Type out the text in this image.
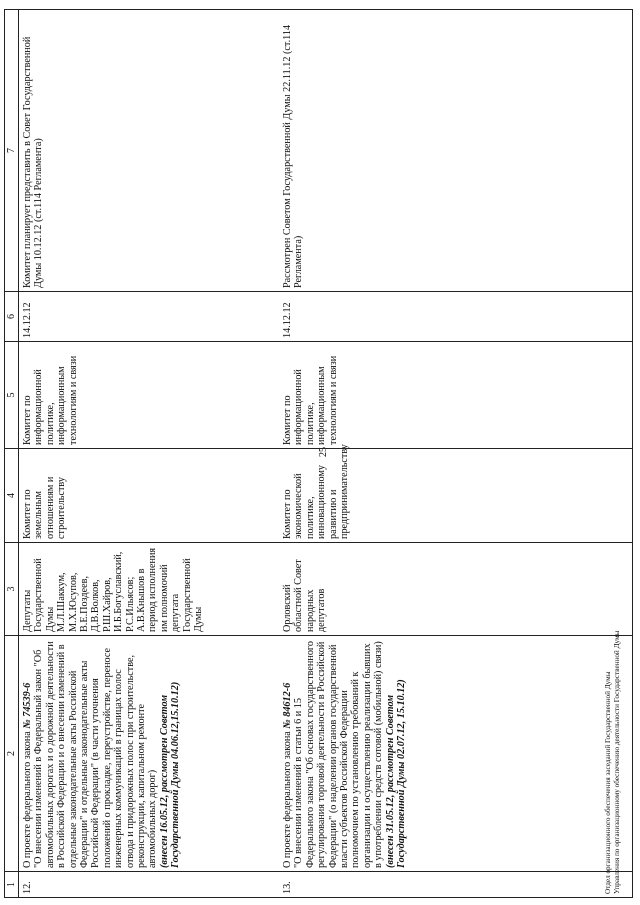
25
1	2	3	4	5	6	7
12.	О проекте федерального закона № 74539-6
"О внесении изменений в Федеральный закон "Об автомобильных дорогах и о дорожной деятельности в Российской Федерации и о внесении изменений в отдельные законодательные акты Российской Федерации" и отдельные законодательные акты Российской Федерации" (в части уточнения положений о прокладке, переустройстве, переносе инженерных коммуникаций в границах полос отвода и придорожных полос при строительстве, реконструкции, капитальном ремонте автомобильных дорог)
(внесен 16.05.12, рассмотрен Советом Государственной Думы 04.06.12,15.10.12)	Депутаты Государственной Думы М.Л.Шаккум, М.Х.Юсупов, В.Е.Поздеев, Д.В.Волков, Р.Ш.Хайров, И.Б.Богуславский, Р.С.Ильясов; А.В.Кнышов в период исполнения им полномочий депутата Государственной Думы	Комитет по земельным отношениям и строительству	Комитет по информационной политике, информационным технологиям и связи	14.12.12	Комитет планирует представить в Совет Государственной Думы 10.12.12 (ст.114 Регламента)
13.	О проекте федерального закона № 84612-6
"О внесении изменений в статьи 6 и 15 Федерального закона "Об основах государственного регулирования торговой деятельности в Российской Федерации" (о наделении органов государственной власти субъектов Российской Федерации полномочием по установлению требований к организации и осуществлению реализации бывших в употреблении средств сотовой (мобильной) связи)
(внесен 31.05.12, рассмотрен Советом Государственной Думы 02.07.12, 15.10.12)	Орловский областной Совет народных депутатов	Комитет по экономической политике, инновационному развитию и предпринимательству	Комитет по информационной политике, информационным технологиям и связи	14.12.12	Рассмотрен Советом Государственной Думы 22.11.12 (ст.114 Регламента)
Отдел организационного обеспечения заседаний Государственной Думы Управления по организационному обеспечению деятельности Государственной Думы
